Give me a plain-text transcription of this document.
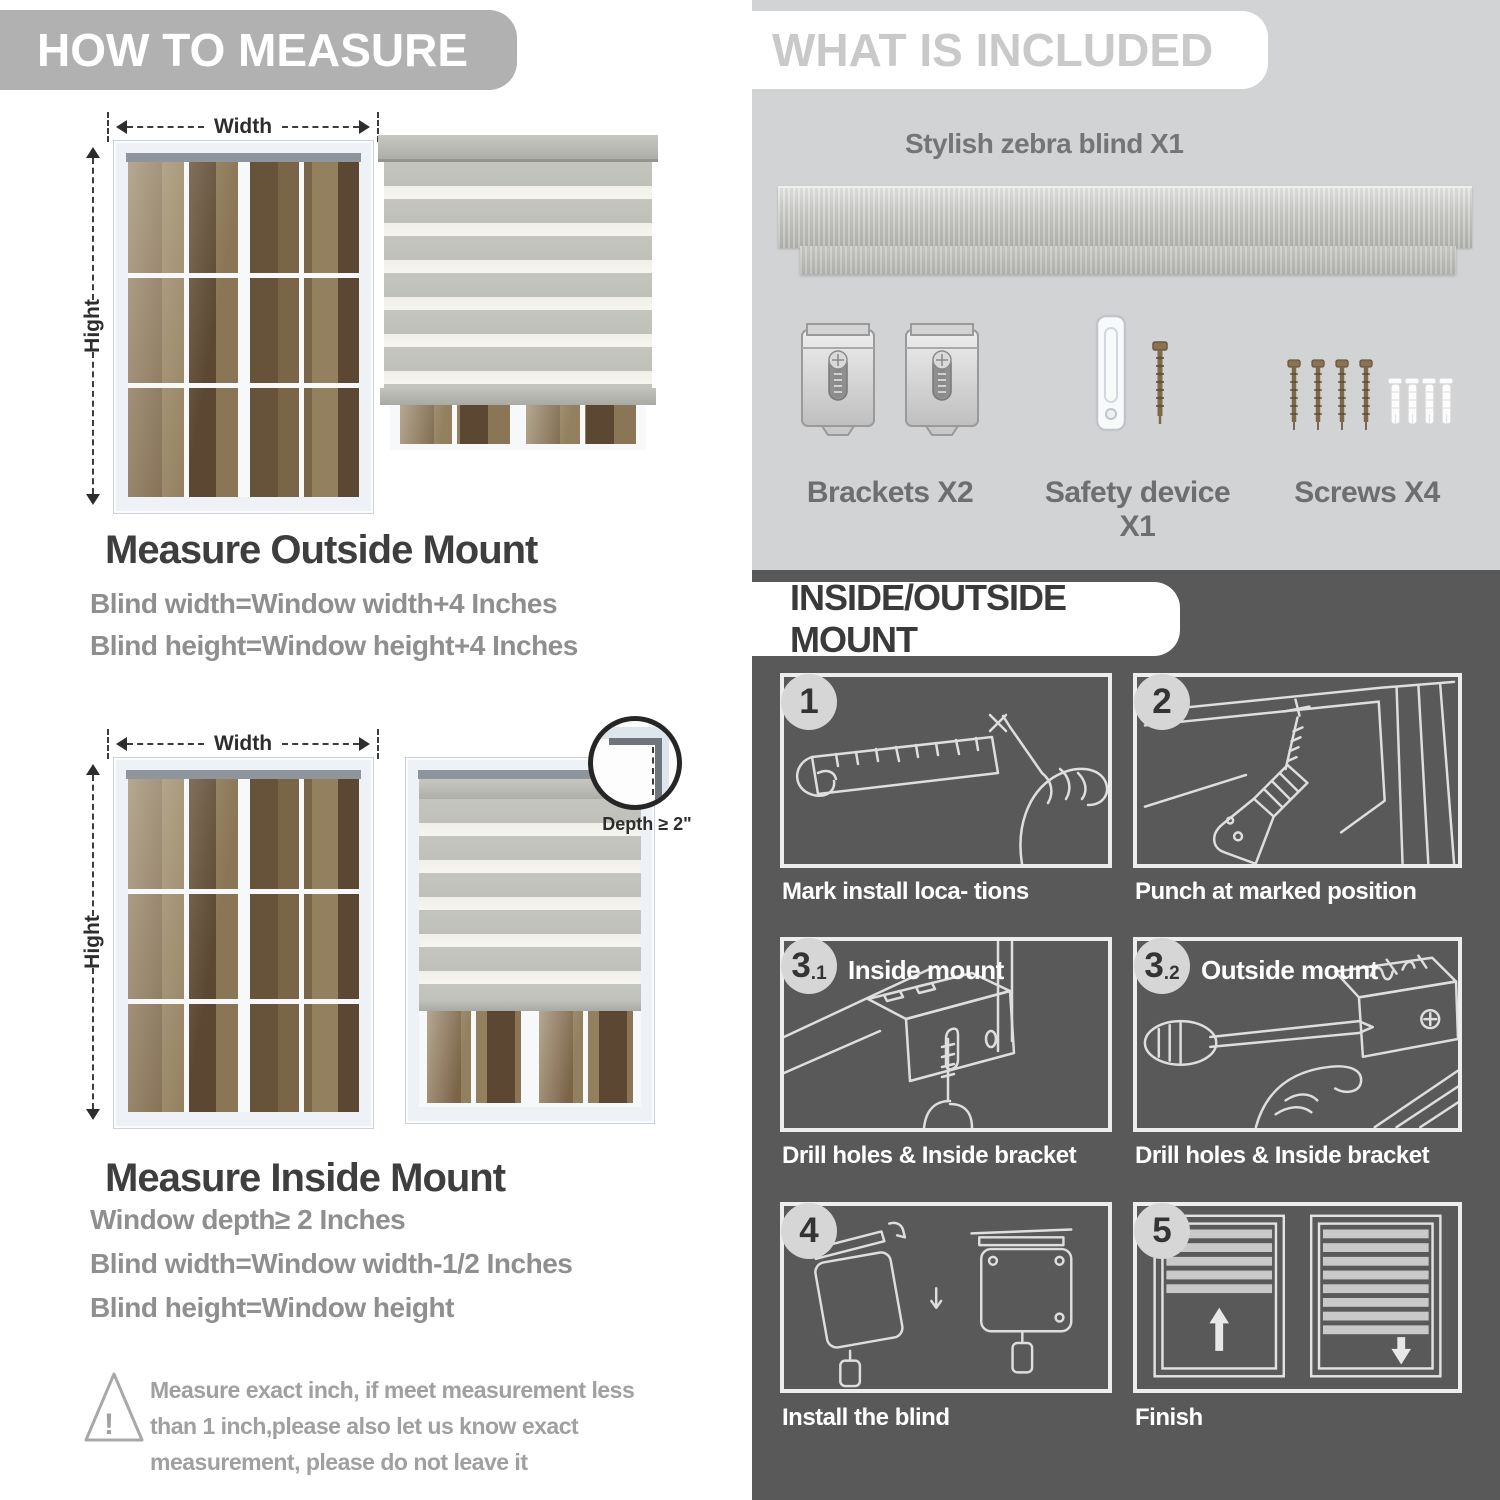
HOW TO MEASURE
Width
Hight
Measure Outside Mount
Blind width=Window width+4 Inches
Blind height=Window height+4 Inches
Width
Hight
Depth ≥ 2"
Measure Inside Mount
Window depth≥ 2 Inches
Blind width=Window width-1/2 Inches
Blind height=Window height
!
Measure exact inch, if meet measurement less
than 1 inch,please also let us know exact
measurement, please do not leave it
WHAT IS INCLUDED
Stylish zebra blind X1
Brackets X2	Safety device X1
Screws X4
INSIDE/OUTSIDE MOUNT
1
Mark install loca- tions
2
Punch at marked position
3 .1 Inside mount
Drill holes & Inside bracket
3 .2 Outside mount
Drill holes & Inside bracket
4
Install the blind
5
Finish
